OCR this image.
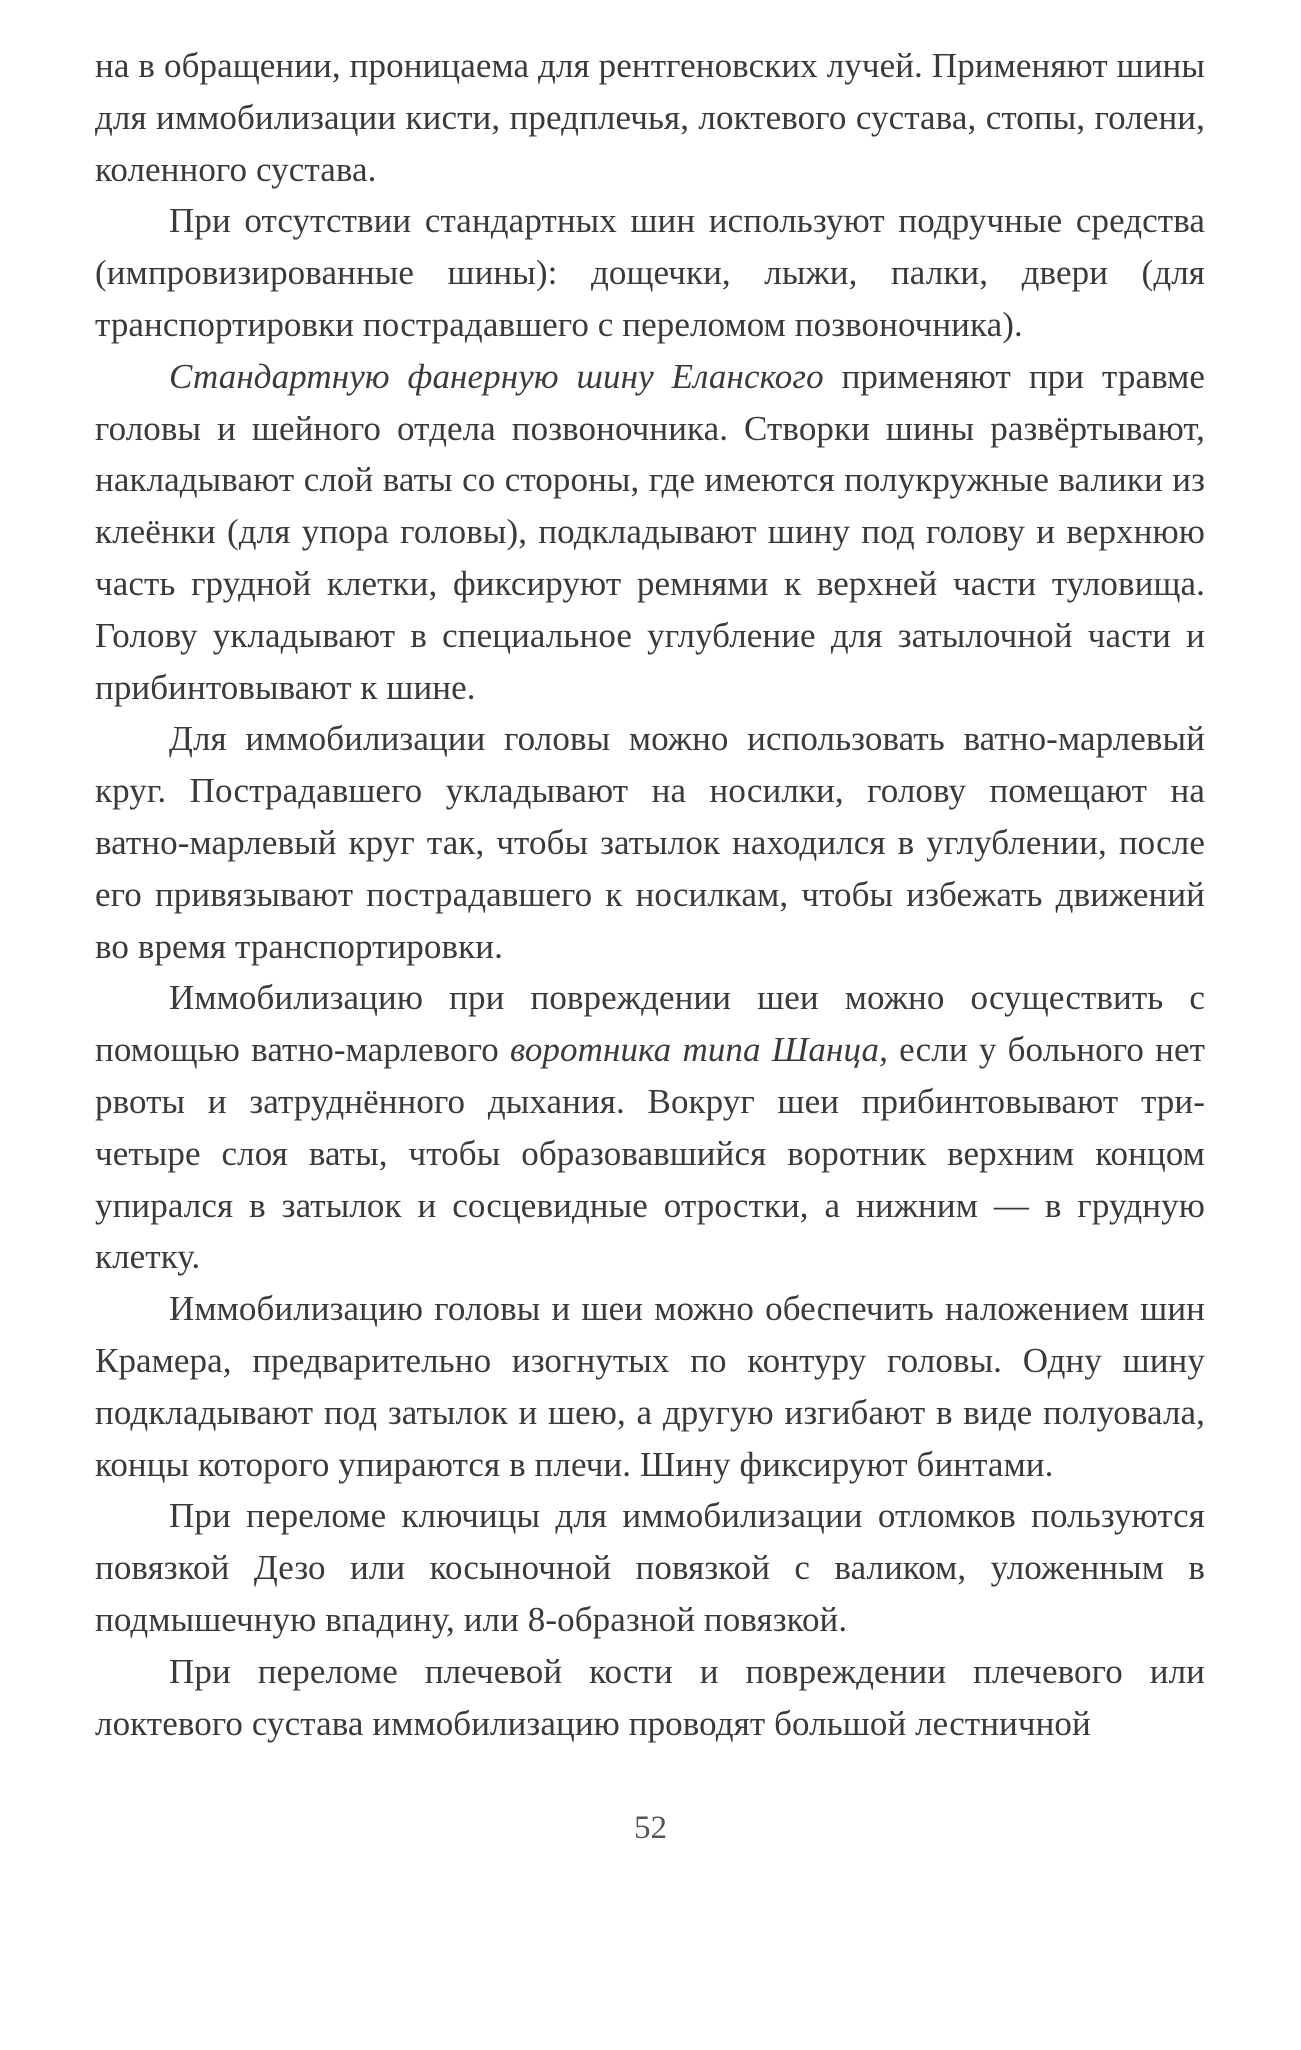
на в обращении, проницаема для рентгеновских лучей. Применяют шины для иммобилизации кисти, предплечья, локтевого сустава, стопы, голени, коленного сустава.

При отсутствии стандартных шин используют подручные средства (импровизированные шины): дощечки, лыжи, палки, двери (для транспортировки пострадавшего с переломом позвоночника).

Стандартную фанерную шину Еланского применяют при травме головы и шейного отдела позвоночника. Створки шины развёртывают, накладывают слой ваты со стороны, где имеются полукружные валики из клеёнки (для упора головы), подкладывают шину под голову и верхнюю часть грудной клетки, фиксируют ремнями к верхней части туловища. Голову укладывают в специальное углубление для затылочной части и прибинтовывают к шине.

Для иммобилизации головы можно использовать ватно-марлевый круг. Пострадавшего укладывают на носилки, голову помещают на ватно-марлевый круг так, чтобы затылок находился в углублении, после его привязывают пострадавшего к носилкам, чтобы избежать движений во время транспортировки.

Иммобилизацию при повреждении шеи можно осуществить с помощью ватно-марлевого воротника типа Шанца, если у больного нет рвоты и затруднённого дыхания. Вокруг шеи прибинтовывают три-четыре слоя ваты, чтобы образовавшийся воротник верхним концом упирался в затылок и сосцевидные отростки, а нижним — в грудную клетку.

Иммобилизацию головы и шеи можно обеспечить наложением шин Крамера, предварительно изогнутых по контуру головы. Одну шину подкладывают под затылок и шею, а другую изгибают в виде полуовала, концы которого упираются в плечи. Шину фиксируют бинтами.

При переломе ключицы для иммобилизации отломков пользуются повязкой Дезо или косыночной повязкой с валиком, уложенным в подмышечную впадину, или 8-образной повязкой.

При переломе плечевой кости и повреждении плечевого или локтевого сустава иммобилизацию проводят большой лестничной

52
